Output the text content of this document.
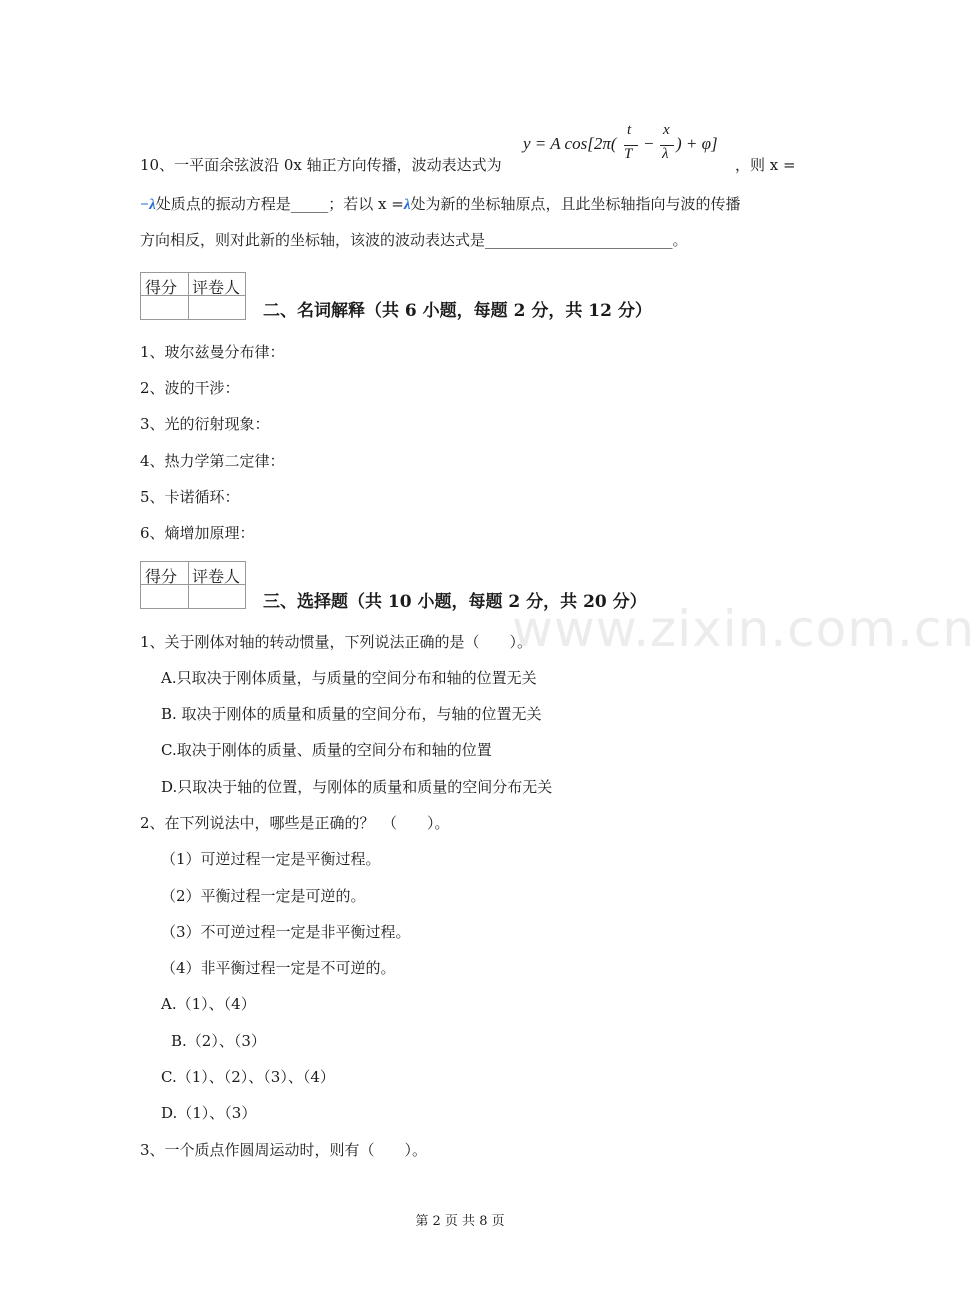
www.zixin.com.cn
10、一平面余弦波沿 0x 轴正方向传播，波动表达式为
y = A cos[2π(
t
T
−
x
λ
) + φ]
，则 x =
−λ处质点的振动方程是_____；若以 x =λ处为新的坐标轴原点，且此坐标轴指向与波的传播
方向相反，则对此新的坐标轴，该波的波动表达式是_________________________。
得分 评卷人
二、名词解释（共 6 小题，每题 2 分，共 12 分）
1、玻尔兹曼分布律：
2、波的干涉：
3、光的衍射现象：
4、热力学第二定律：
5、卡诺循环：
6、熵增加原理：
得分 评卷人
三、选择题（共 10 小题，每题 2 分，共 20 分）
1、关于刚体对轴的转动惯量，下列说法正确的是（　　）。
A.只取决于刚体质量，与质量的空间分布和轴的位置无关
B. 取决于刚体的质量和质量的空间分布，与轴的位置无关
C.取决于刚体的质量、质量的空间分布和轴的位置
D.只取决于轴的位置，与刚体的质量和质量的空间分布无关
2、在下列说法中，哪些是正确的？　（　　）。
（1）可逆过程一定是平衡过程。
（2）平衡过程一定是可逆的。
（3）不可逆过程一定是非平衡过程。
（4）非平衡过程一定是不可逆的。
A.（1）、（4）
B.（2）、（3）
C.（1）、（2）、（3）、（4）
D.（1）、（3）
3、一个质点作圆周运动时，则有（　　）。
第 2 页 共 8 页
